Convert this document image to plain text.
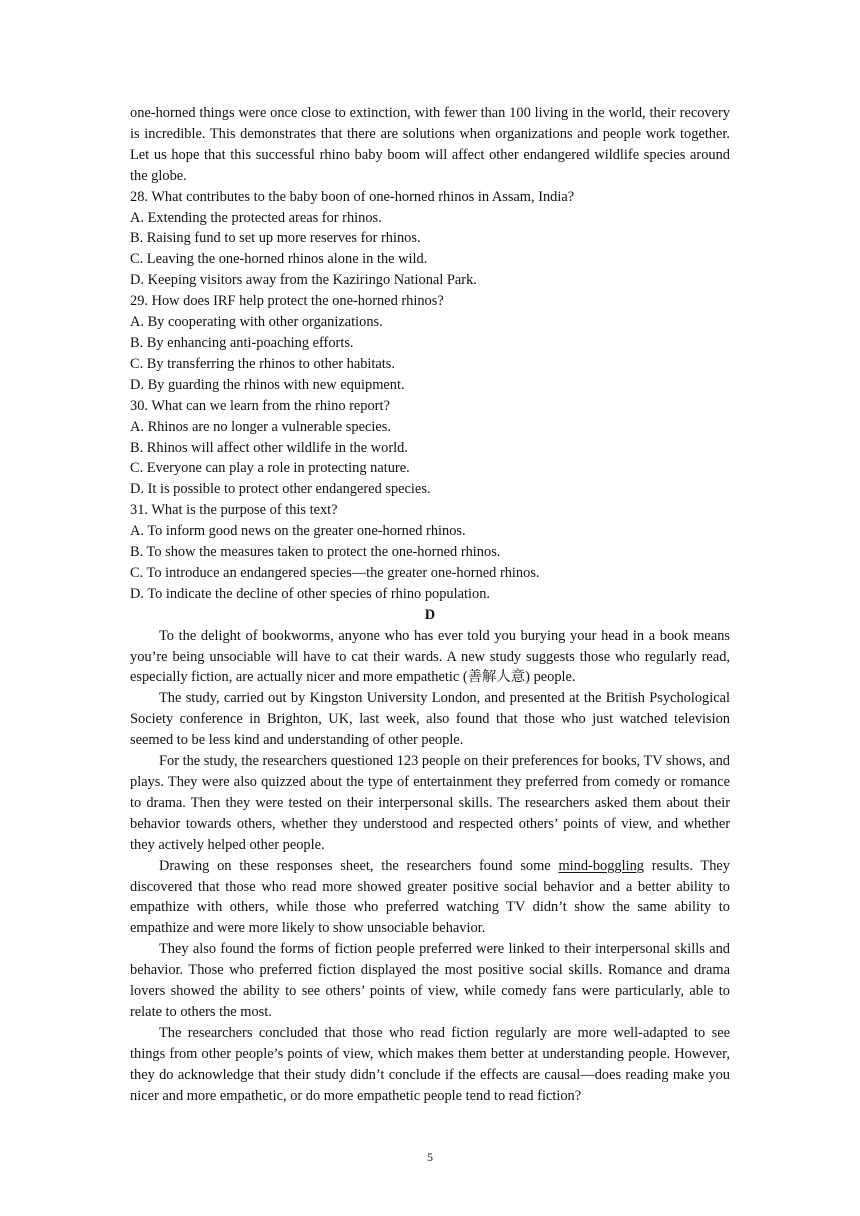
one-horned things were once close to extinction, with fewer than 100 living in the world, their recovery is incredible. This demonstrates that there are solutions when organizations and people work together. Let us hope that this successful rhino baby boom will affect other endangered wildlife species around the globe.

28. What contributes to the baby boon of one-horned rhinos in Assam, India?

A. Extending the protected areas for rhinos.

B. Raising fund to set up more reserves for rhinos.

C. Leaving the one-horned rhinos alone in the wild.

D. Keeping visitors away from the Kaziringo National Park.

29. How does IRF help protect the one-horned rhinos?

A. By cooperating with other organizations.

B. By enhancing anti-poaching efforts.

C. By transferring the rhinos to other habitats.

D. By guarding the rhinos with new equipment.

30. What can we learn from the rhino report?

A. Rhinos are no longer a vulnerable species.

B. Rhinos will affect other wildlife in the world.

C. Everyone can play a role in protecting nature.

D. It is possible to protect other endangered species.

31. What is the purpose of this text?

A. To inform good news on the greater one-horned rhinos.

B. To show the measures taken to protect the one-horned rhinos.

C. To introduce an endangered species—the greater one-horned rhinos.

D. To indicate the decline of other species of rhino population.

D

To the delight of bookworms, anyone who has ever told you burying your head in a book means you’re being unsociable will have to cat their wards. A new study suggests those who regularly read, especially fiction, are actually nicer and more empathetic (善解人意) people.

The study, carried out by Kingston University London, and presented at the British Psychological Society conference in Brighton, UK, last week, also found that those who just watched television seemed to be less kind and understanding of other people.

For the study, the researchers questioned 123 people on their preferences for books, TV shows, and plays. They were also quizzed about the type of entertainment they preferred from comedy or romance to drama. Then they were tested on their interpersonal skills. The researchers asked them about their behavior towards others, whether they understood and respected others’ points of view, and whether they actively helped other people.

Drawing on these responses sheet, the researchers found some mind-boggling results. They discovered that those who read more showed greater positive social behavior and a better ability to empathize with others, while those who preferred watching TV didn’t show the same ability to empathize and were more likely to show unsociable behavior.

They also found the forms of fiction people preferred were linked to their interpersonal skills and behavior. Those who preferred fiction displayed the most positive social skills. Romance and drama lovers showed the ability to see others’ points of view, while comedy fans were particularly, able to relate to others the most.

The researchers concluded that those who read fiction regularly are more well-adapted to see things from other people’s points of view, which makes them better at understanding people. However, they do acknowledge that their study didn’t conclude if the effects are causal—does reading make you nicer and more empathetic, or do more empathetic people tend to read fiction?

5
